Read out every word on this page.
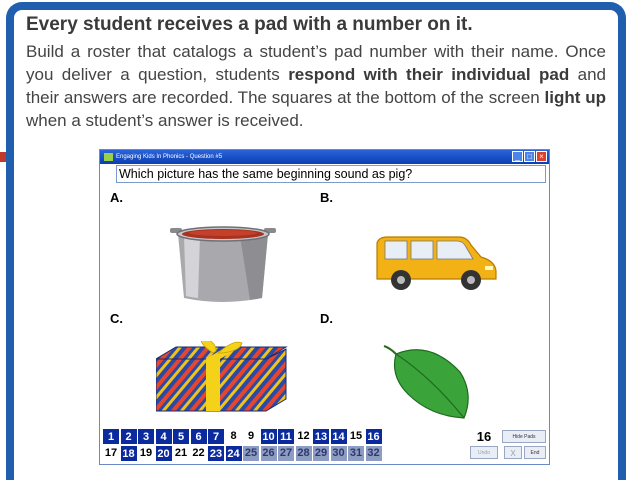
Every student receives a pad with a number on it.
Build a roster that catalogs a student’s pad number with their name. Once you deliver a question, students respond with their individual pad and their answers are recorded. The squares at the bottom of the screen light up when a student’s answer is received.
Engaging Kids In Phonics - Question #5	_ □ ×
Which picture has the same beginning sound as pig?
A.	B.
C.	D.
1	2	3	4	5	6	7	8	9 10 11 12 13 14 15 16
17 18 19 20 21 22 23 24 25 26 27 28 29 30 31 32
16	Hide Pads
Undo	X	End
